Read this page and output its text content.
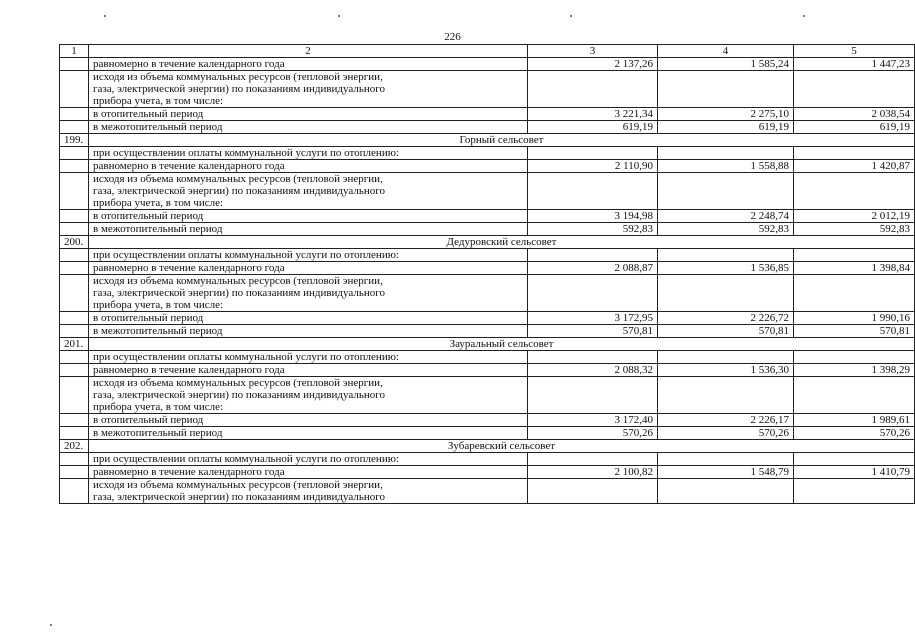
226
1	2	3	4	5
	равномерно в течение календарного года	2 137,26	1 585,24	1 447,23

	исходя из объема коммунальных ресурсов (тепловой энергии,
газа, электрической энергии) по показаниям индивидуального
прибора учета, в том числе:			

	в отопительный период	3 221,34	2 275,10	2 038,54
	в межотопительный период	619,19	619,19	619,19
199.	Горный сельсовет			
	при осуществлении оплаты коммунальной услуги по отоплению:			
	равномерно в течение календарного года	2 110,90	1 558,88	1 420,87

	исходя из объема коммунальных ресурсов (тепловой энергии,
газа, электрической энергии) по показаниям индивидуального
прибора учета, в том числе:			

	в отопительный период	3 194,98	2 248,74	2 012,19
	в межотопительный период	592,83	592,83	592,83
200.	Дедуровский сельсовет			
	при осуществлении оплаты коммунальной услуги по отоплению:			
	равномерно в течение календарного года	2 088,87	1 536,85	1 398,84

	исходя из объема коммунальных ресурсов (тепловой энергии,
газа, электрической энергии) по показаниям индивидуального
прибора учета, в том числе:			

	в отопительный период	3 172,95	2 226,72	1 990,16
	в межотопительный период	570,81	570,81	570,81
201.	Зауральный сельсовет			
	при осуществлении оплаты коммунальной услуги по отоплению:			
	равномерно в течение календарного года	2 088,32	1 536,30	1 398,29

	исходя из объема коммунальных ресурсов (тепловой энергии,
газа, электрической энергии) по показаниям индивидуального
прибора учета, в том числе:			

	в отопительный период	3 172,40	2 226,17	1 989,61
	в межотопительный период	570,26	570,26	570,26
202.	Зубаревский сельсовет			
	при осуществлении оплаты коммунальной услуги по отоплению:			
	равномерно в течение календарного года	2 100,82	1 548,79	1 410,79

	исходя из объема коммунальных ресурсов (тепловой энергии,
газа, электрической энергии) по показаниям индивидуального			
